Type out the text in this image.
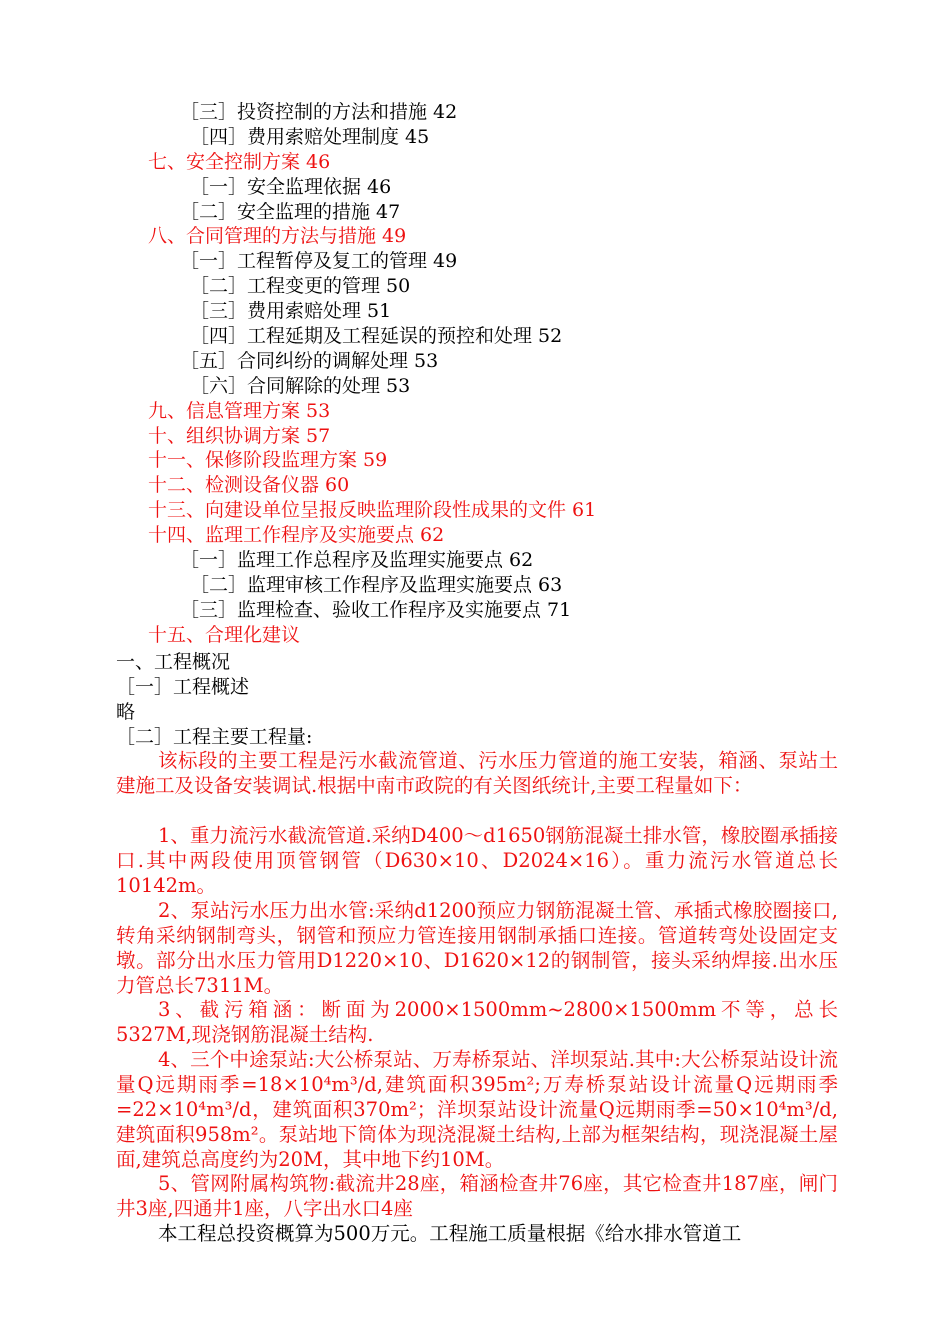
［三］投资控制的方法和措施 42
［四］费用索赔处理制度 45
七、安全控制方案 46
［一］安全监理依据 46
［二］安全监理的措施 47
八、合同管理的方法与措施 49
［一］工程暂停及复工的管理 49
［二］工程变更的管理 50
［三］费用索赔处理 51
［四］工程延期及工程延误的预控和处理 52
［五］合同纠纷的调解处理 53
［六］合同解除的处理 53
九、信息管理方案 53
十、组织协调方案 57
十一、保修阶段监理方案 59
十二、检测设备仪器 60
十三、向建设单位呈报反映监理阶段性成果的文件 61
十四、监理工作程序及实施要点 62
［一］监理工作总程序及监理实施要点 62
［二］监理审核工作程序及监理实施要点 63
［三］监理检查、验收工作程序及实施要点 71
十五、合理化建议
一、工程概况
［一］工程概述
略
［二］工程主要工程量:

该标段的主要工程是污水截流管道、污水压力管道的施工安装，箱涵、泵站土建施工及设备安装调试.根据中南市政院的有关图纸统计,主要工程量如下：

1、重力流污水截流管道.采纳D400～d1650钢筋混凝土排水管，橡胶圈承插接口.其中两段使用顶管钢管（D630×10、D2024×16）。重力流污水管道总长10142m。

2、泵站污水压力出水管:采纳d1200预应力钢筋混凝土管、承插式橡胶圈接口,转角采纳钢制弯头，钢管和预应力管连接用钢制承插口连接。管道转弯处设固定支墩。部分出水压力管用D1220×10、D1620×12的钢制管，接头采纳焊接.出水压力管总长7311M。

3、截污箱涵：断面为2000×1500mm~2800×1500mm不等，总长5327M,现浇钢筋混凝土结构.

4、三个中途泵站:大公桥泵站、万寿桥泵站、洋坝泵站.其中:大公桥泵站设计流量Q远期雨季=18×10⁴m³/d,建筑面积395m²;万寿桥泵站设计流量Q远期雨季=22×10⁴m³/d，建筑面积370m²；洋坝泵站设计流量Q远期雨季=50×10⁴m³/d,建筑面积958m²。泵站地下筒体为现浇混凝土结构,上部为框架结构，现浇混凝土屋面,建筑总高度约为20M，其中地下约10M。

5、管网附属构筑物:截流井28座，箱涵检查井76座，其它检查井187座，闸门井3座,四通井1座，八字出水口4座

本工程总投资概算为500万元。工程施工质量根据《给水排水管道工
